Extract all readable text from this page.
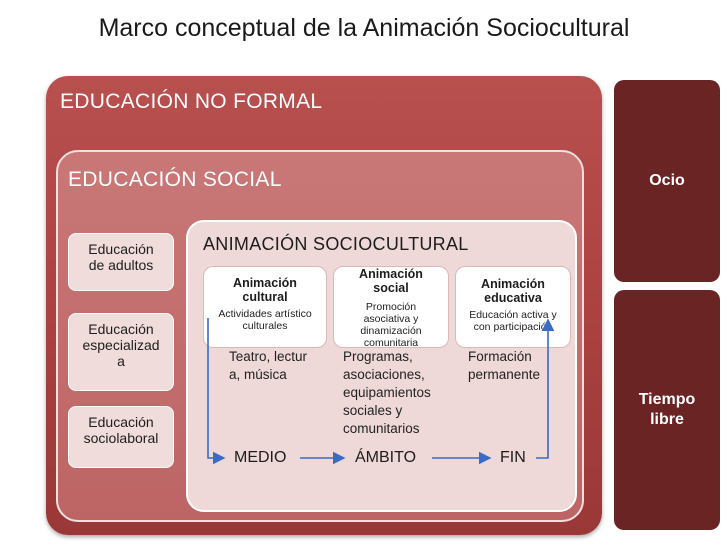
Marco conceptual de la Animación Sociocultural
EDUCACIÓN NO FORMAL
EDUCACIÓN SOCIAL
Educación
de adultos
Educación
especializad
a
Educación
sociolaboral
ANIMACIÓN SOCIOCULTURAL
Animación
cultural
Actividades artístico
culturales
Animación
social
Promoción
asociativa y
dinamización
comunitaria
Animación
educativa
Educación activa y
con participación
Teatro, lectur
a, música
Programas,
asociaciones,
equipamientos
sociales y
comunitarios
Formación
permanente
MEDIO	ÁMBITO	FIN
Ocio
Tiempo
libre
